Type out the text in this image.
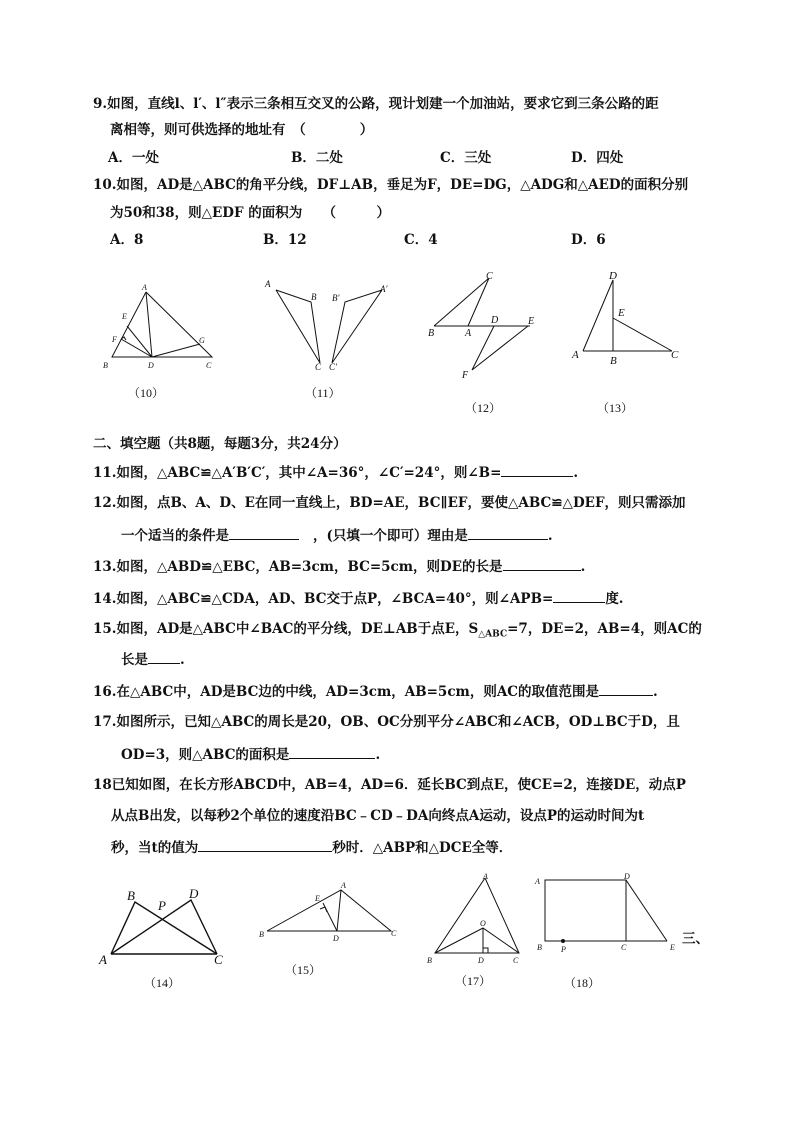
9.如图，直线l、l′、l″表示三条相互交叉的公路，现计划建一个加油站，要求它到三条公路的距
离相等，则可供选择的地址有　（　　　　）
A．一处	B．二处	C．三处	D．四处
10.如图，AD是△ABC的角平分线，DF⊥AB，垂足为F，DE=DG，△ADG和△AED的面积分别
为50和38，则△EDF 的面积为　　（　　　）
A．8	B．12	C．4	D．6
A
E
F
B	D	C
G
（10）
A
B
C
B′
A′
C′
（11）
C
B	A
D	E
F
（12）
D
E
A	B	C
（13）
二、填空题（共8题，每题3分，共24分）
11.如图，△ABC≌△A′B′C′，其中∠A=36°，∠C′=24°，则∠B=	.
12.如图，点B、A、D、E在同一直线上，BD=AE，BC∥EF，要使△ABC≌△DEF，则只需添加
一个适当的条件是	，(只填一个即可）理由是	.
13.如图，△ABD≌△EBC，AB=3cm，BC=5cm，则DE的长是	.
14.如图，△ABC≌△CDA，AD、BC交于点P，∠BCA=40°，则∠APB=	度.
15.如图，AD是△ABC中∠BAC的平分线，DE⊥AB于点E，$S_{\triangle ABC}=7$，DE=2，AB=4，则AC的
长是 .
16.在△ABC中，AD是BC边的中线，AD=3cm，AB=5cm，则AC的取值范围是	.
17.如图所示，已知△ABC的周长是20，OB、OC分别平分∠ABC和∠ACB，OD⊥BC于D，且
OD=3，则△ABC的面积是	.
18已知如图，在长方形ABCD中，AB=4，AD=6．延长BC到点E，使CE=2，连接DE，动点P
从点B出发，以每秒2个单位的速度沿BC﹣CD﹣DA向终点A运动，设点P的运动时间为t
秒，当t的值为	秒时．△ABP和△DCE全等．
B
P
D
A	C
（14）
A
E
B	D
C
（15）
A
O
B	D	C
（17）
A
D
B P	C	E
（18）
三、
